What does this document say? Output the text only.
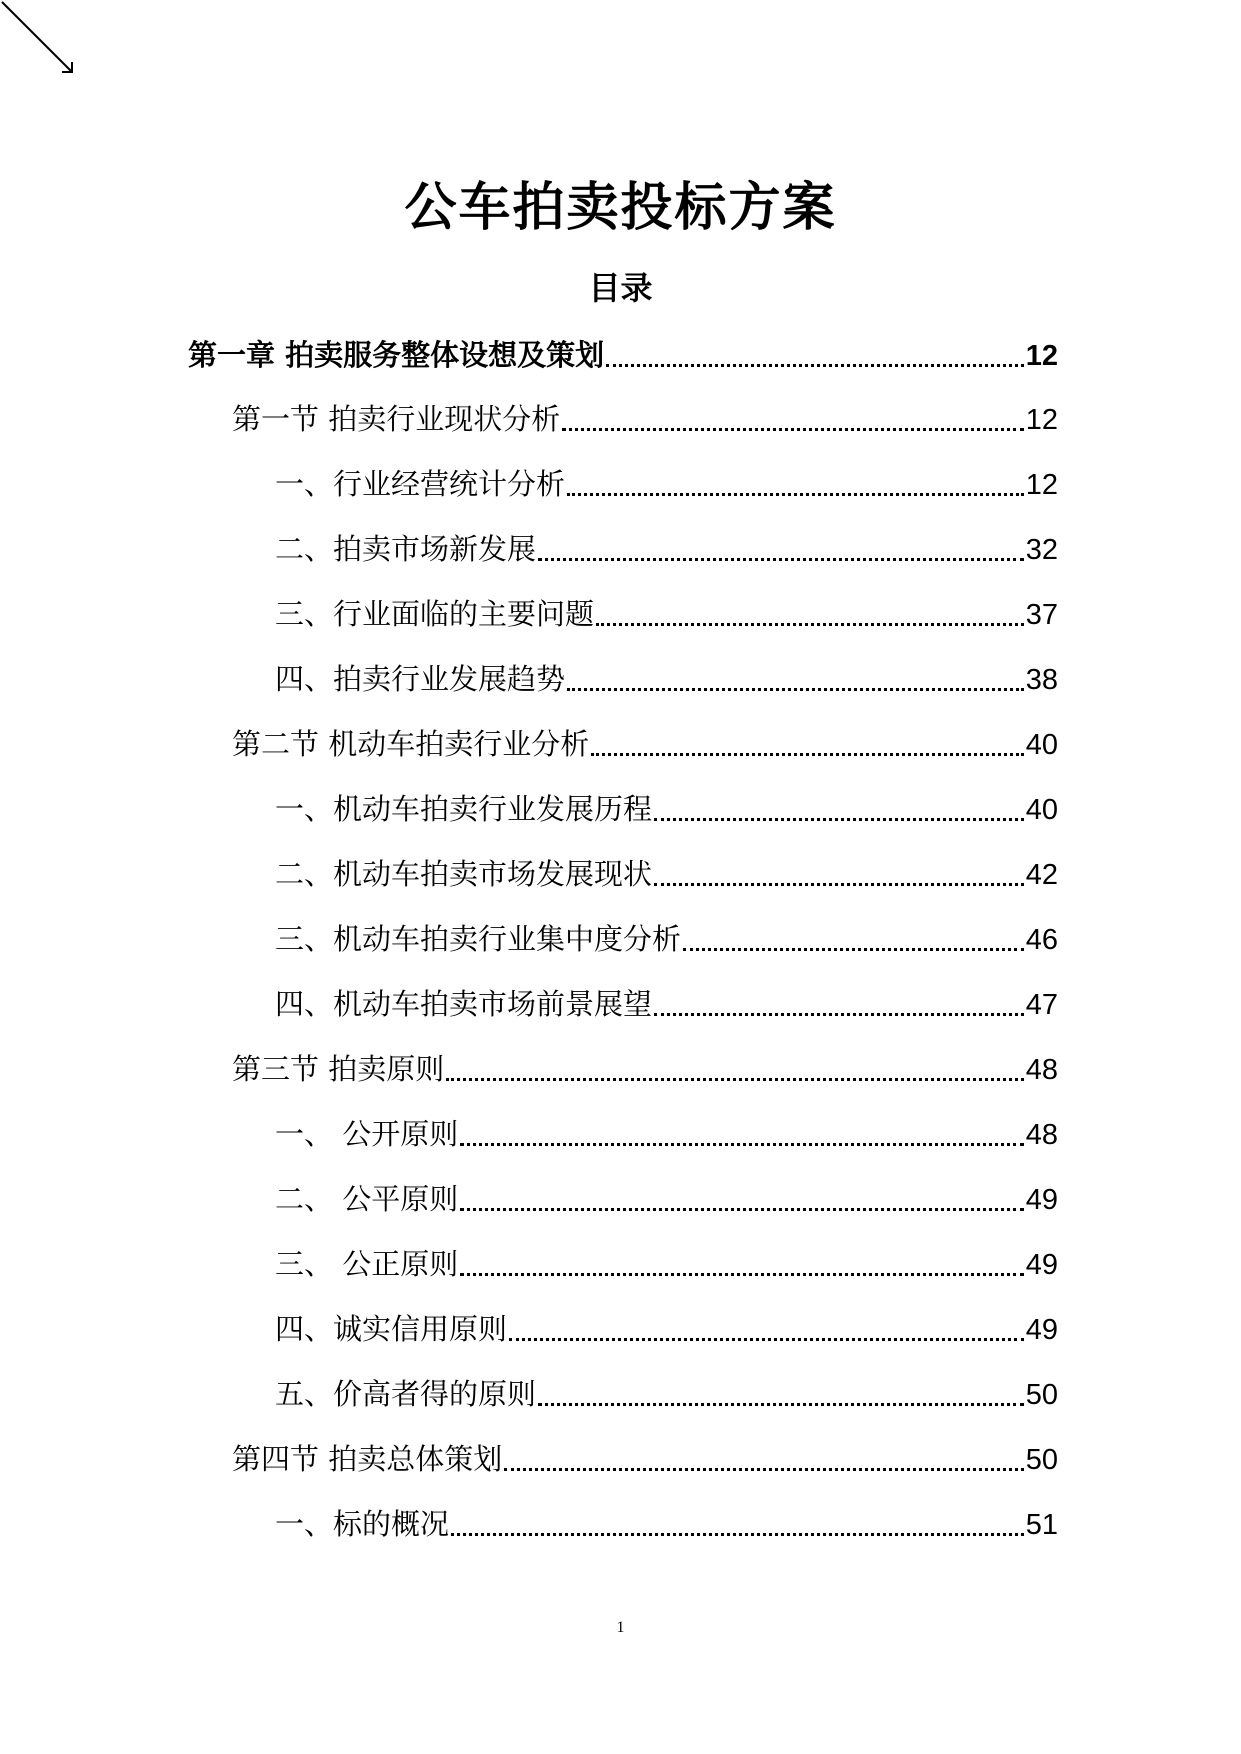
公车拍卖投标方案
目录
第一章 拍卖服务整体设想及策划	12
第一节 拍卖行业现状分析	12
一、行业经营统计分析	12
二、拍卖市场新发展	32
三、行业面临的主要问题	37
四、拍卖行业发展趋势	38
第二节 机动车拍卖行业分析	40
一、机动车拍卖行业发展历程	40
二、机动车拍卖市场发展现状	42
三、机动车拍卖行业集中度分析	46
四、机动车拍卖市场前景展望	47
第三节 拍卖原则	48
一、 公开原则	48
二、 公平原则	49
三、 公正原则	49
四、诚实信用原则	49
五、价高者得的原则	50
第四节 拍卖总体策划	50
一、标的概况	51
1
